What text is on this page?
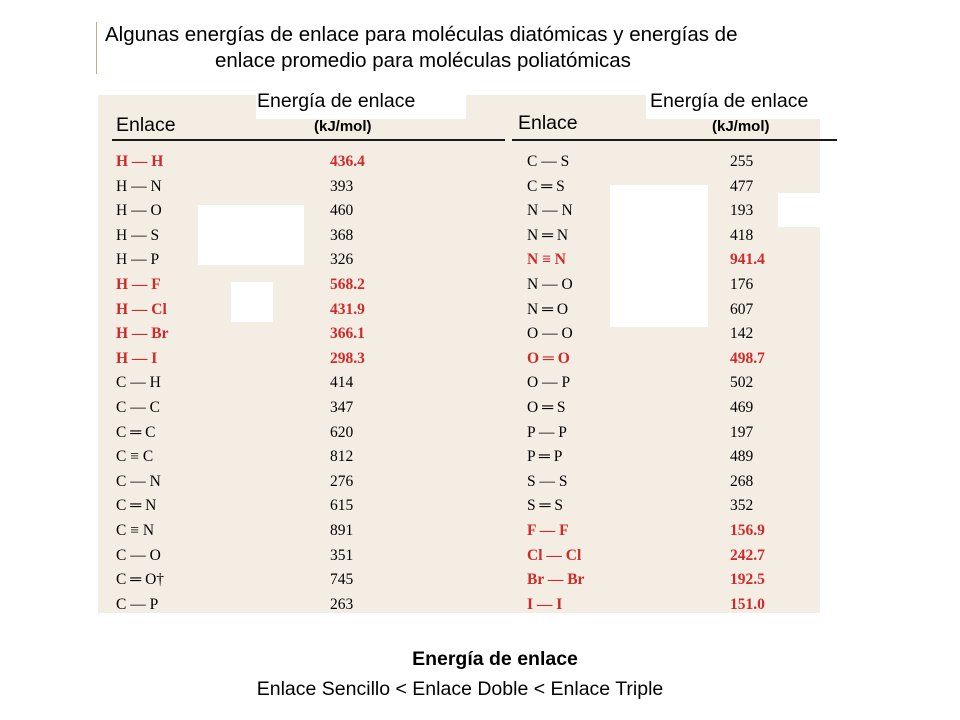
Algunas energías de enlace para moléculas diatómicas y energías de
enlace promedio para moléculas poliatómicas
Enlace
Energía de enlace
(kJ/mol)	Enlace
Energía de enlace
(kJ/mol)
H — H	436.4
H — N	393
H — O	460
H — S	368
H — P	326
H — F	568.2
H — Cl	431.9
H — Br	366.1
H — I	298.3
C — H	414
C — C	347
C ═ C	620
C ≡ C	812
C — N	276
C ═ N	615
C ≡ N	891
C — O	351
C ═ O†	745
C — P	263
C — S	255
C ═ S	477
N — N	193
N ═ N	418
N ≡ N	941.4
N — O	176
N ═ O	607
O — O	142
O ═ O	498.7
O — P	502
O ═ S	469
P — P	197
P ═ P	489
S — S	268
S ═ S	352
F — F	156.9
Cl — Cl	242.7
Br — Br	192.5
I — I	151.0
Energía de enlace
Enlace Sencillo < Enlace Doble < Enlace Triple
